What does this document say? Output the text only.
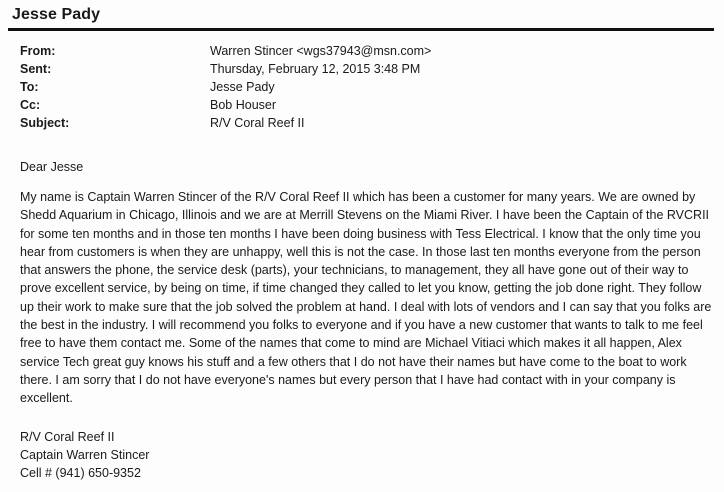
Jesse Pady
From:	Warren Stincer <wgs37943@msn.com>
Sent:	Thursday, February 12, 2015 3:48 PM
To:	Jesse Pady
Cc:	Bob Houser
Subject:	R/V Coral Reef II
Dear Jesse
My name is Captain Warren Stincer of the R/V Coral Reef II which has been a customer for many years. We are owned by Shedd Aquarium in Chicago, Illinois and we are at Merrill Stevens on the Miami River. I have been the Captain of the RVCRII for some ten months and in those ten months I have been doing business with Tess Electrical. I know that the only time you hear from customers is when they are unhappy, well this is not the case. In those last ten months everyone from the person that answers the phone, the service desk (parts), your technicians, to management, they all have gone out of their way to prove excellent service, by being on time, if time changed they called to let you know, getting the job done right. They follow up their work to make sure that the job solved the problem at hand. I deal with lots of vendors and I can say that you folks are the best in the industry. I will recommend you folks to everyone and if you have a new customer that wants to talk to me feel free to have them contact me. Some of the names that come to mind are Michael Vitiaci which makes it all happen, Alex service Tech great guy knows his stuff and a few others that I do not have their names but have come to the boat to work there. I am sorry that I do not have everyone's names but every person that I have had contact with in your company is excellent.
R/V Coral Reef II
Captain Warren Stincer
Cell # (941) 650-9352
